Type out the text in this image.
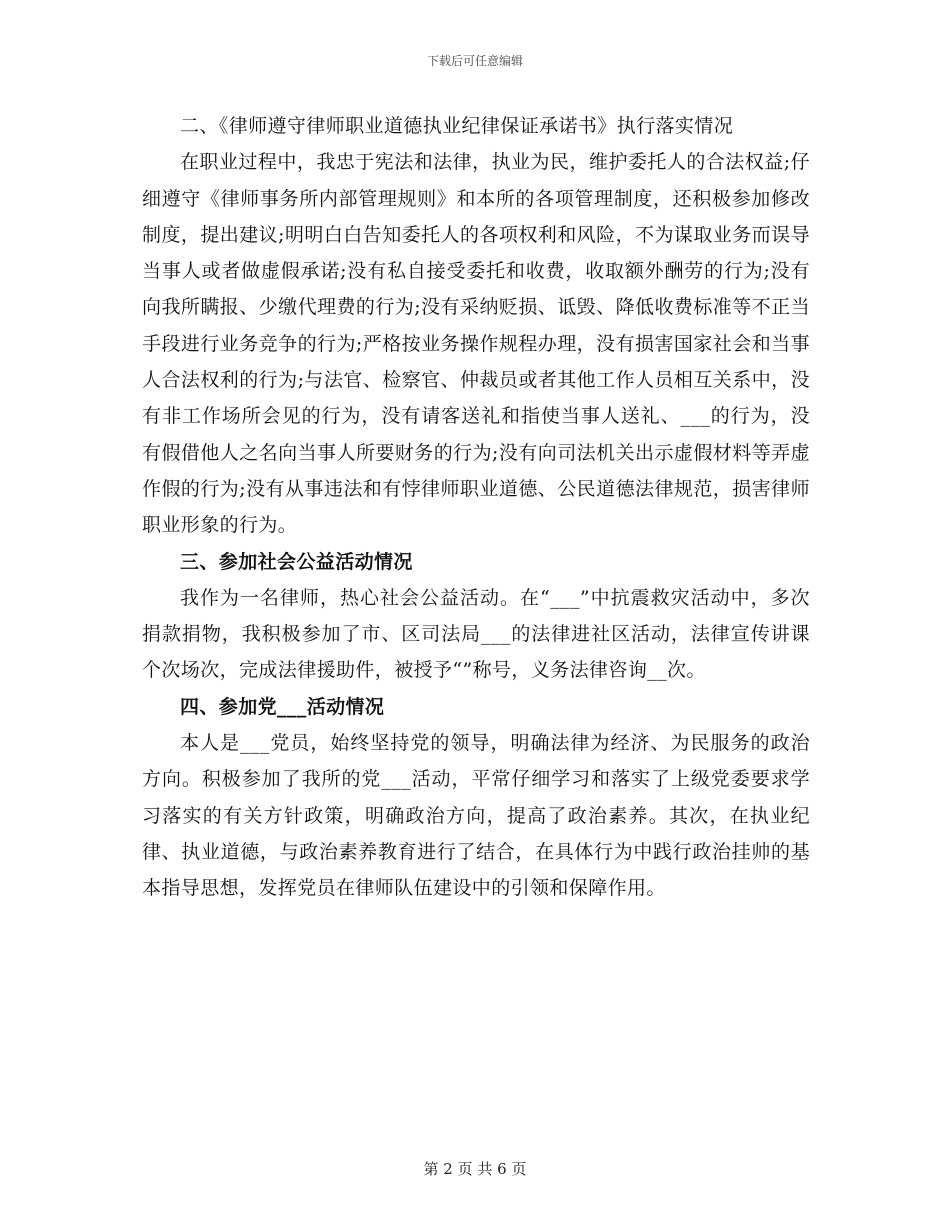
下载后可任意编辑

二、《律师遵守律师职业道德执业纪律保证承诺书》执行落实情况

在职业过程中，我忠于宪法和法律，执业为民，维护委托人的合法权益;仔细遵守《律师事务所内部管理规则》和本所的各项管理制度，还积极参加修改制度，提出建议;明明白白告知委托人的各项权利和风险，不为谋取业务而误导当事人或者做虚假承诺;没有私自接受委托和收费，收取额外酬劳的行为;没有向我所瞒报、少缴代理费的行为;没有采纳贬损、诋毁、降低收费标准等不正当手段进行业务竞争的行为;严格按业务操作规程办理，没有损害国家社会和当事人合法权利的行为;与法官、检察官、仲裁员或者其他工作人员相互关系中，没有非工作场所会见的行为，没有请客送礼和指使当事人送礼、___的行为，没有假借他人之名向当事人所要财务的行为;没有向司法机关出示虚假材料等弄虚作假的行为;没有从事违法和有悖律师职业道德、公民道德法律规范，损害律师职业形象的行为。

三、参加社会公益活动情况

我作为一名律师，热心社会公益活动。在“___”中抗震救灾活动中，多次捐款捐物，我积极参加了市、区司法局___的法律进社区活动，法律宣传讲课个次场次，完成法律援助件，被授予“”称号，义务法律咨询__次。

四、参加党___活动情况

本人是___党员，始终坚持党的领导，明确法律为经济、为民服务的政治方向。积极参加了我所的党___活动，平常仔细学习和落实了上级党委要求学习落实的有关方针政策，明确政治方向，提高了政治素养。其次，在执业纪律、执业道德，与政治素养教育进行了结合，在具体行为中践行政治挂帅的基本指导思想，发挥党员在律师队伍建设中的引领和保障作用。

第 2 页 共 6 页
